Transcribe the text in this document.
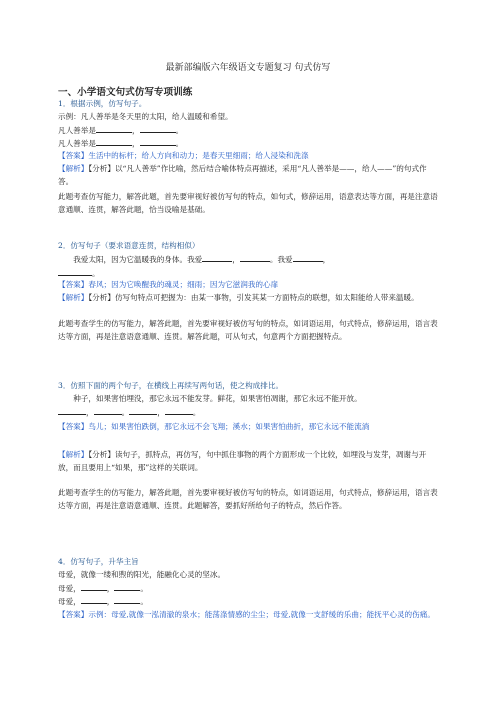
最新部编版六年级语文专题复习 句式仿写
一、小学语文句式仿写专项训练
1．根据示例，仿写句子。
示例：凡人善举是冬天里的太阳，给人温暖和希望。
凡人善举是	，	。
凡人善举是	，	。
【答案】生活中的标杆；给人方向和动力；是春天里细雨；给人浸染和洗涤
【解析】【分析】以“凡人善举”作比喻，然后结合喻体特点再描述，采用“凡人善举是——，给人——”的句式作答。
此题考查仿写能力，解答此题，首先要审视好被仿写句的特点，如句式，修辞运用，语意表达等方面，再是注意语意通顺、连贯，解答此题，恰当设喻是基础。
2．仿写句子（要求语意连贯，结构相似）
我爱太阳，因为它温暖我的身体。我爱	，	。我爱	，
。
【答案】春风；因为它唤醒我的魂灵；细雨；因为它滋润我的心扉
【解析】【分析】仿写句特点可把握为：由某一事物，引发其某一方面特点的联想，如太阳能给人带来温暖。
此题考查学生的仿写能力，解答此题，首先要审视好被仿写句的特点，如词语运用，句式特点，修辞运用，语言表达等方面，再是注意语意通顺、连贯。解答此题，可从句式，句意两个方面把握特点。
3．仿照下面的两个句子，在横线上再续写两句话，使之构成排比。
种子，如果害怕埋没，那它永远不能发芽。鲜花，如果害怕凋谢，那它永远不能开放。
，	。	，	。
【答案】鸟儿；如果害怕跌倒，那它永远不会飞翔；溪水；如果害怕曲折，那它永远不能流淌
【解析】【分析】读句子，抓特点，再仿写，句中抓住事物的两个方面形成一个比较，如埋没与发芽，凋谢与开放，而且要用上“如果，那”这样的关联词。
此题考查学生的仿写能力，解答此题，首先要审视好被仿写句的特点，如词语运用，句式特点，修辞运用，语言表达等方面，再是注意语意通顺、连贯。此题解答，要抓好所给句子的特点，然后作答。
4．仿写句子，升华主旨
母爱，就像一缕和煦的阳光，能融化心灵的坚冰。
母爱，	，	。
母爱，	，	。
【答案】示例：母爱,就像一泓清澈的泉水；能荡涤情感的尘尘；母爱,就像一支舒缓的乐曲；能抚平心灵的伤痛。
